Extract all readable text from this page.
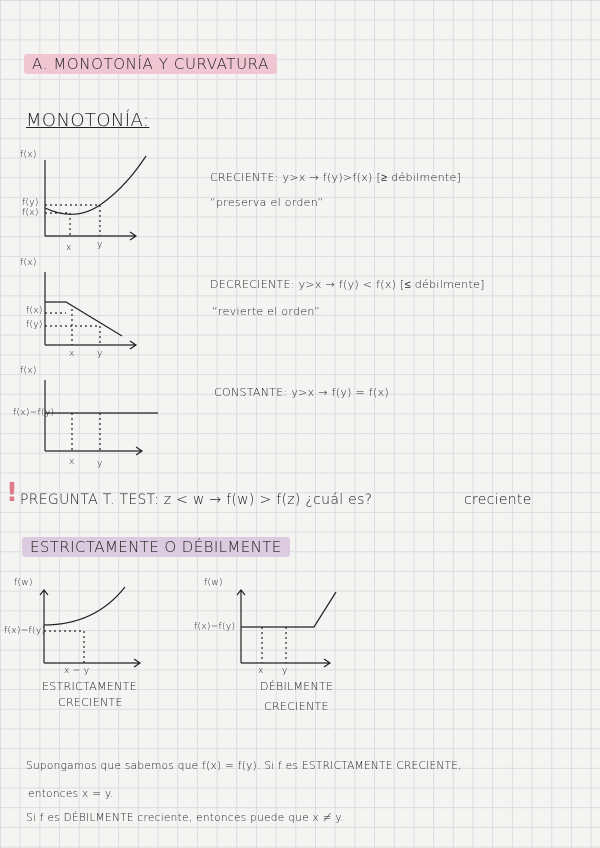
A. MONOTONÍA Y CURVATURA
MONOTONÍA:
f(x)
f(y)
f(x)
x	y
CRECIENTE: y>x → f(y)>f(x) [≥ débilmente]
“preserva el orden”
f(x)
f(x)
f(y)
x y
DECRECIENTE: y>x → f(y) < f(x) [≤ débilmente]
“revierte el orden”
f(x)
f(x)=f(y)
x y
CONSTANTE: y>x → f(y) = f(x)
! PREGUNTA T. TEST: z < w → f(w) > f(z) ¿cuál es?	creciente
ESTRICTAMENTE O DÉBILMENTE
f(w)
f(x)=f(y)
x = y
ESTRICTAMENTE
CRECIENTE
f(w)
f(x)=f(y)
x y
DÉBILMENTE
CRECIENTE
Supongamos que sabemos que f(x) = f(y). Si f es ESTRICTAMENTE CRECIENTE,
entonces x = y.
Si f es DÉBILMENTE creciente, entonces puede que x ≠ y.
